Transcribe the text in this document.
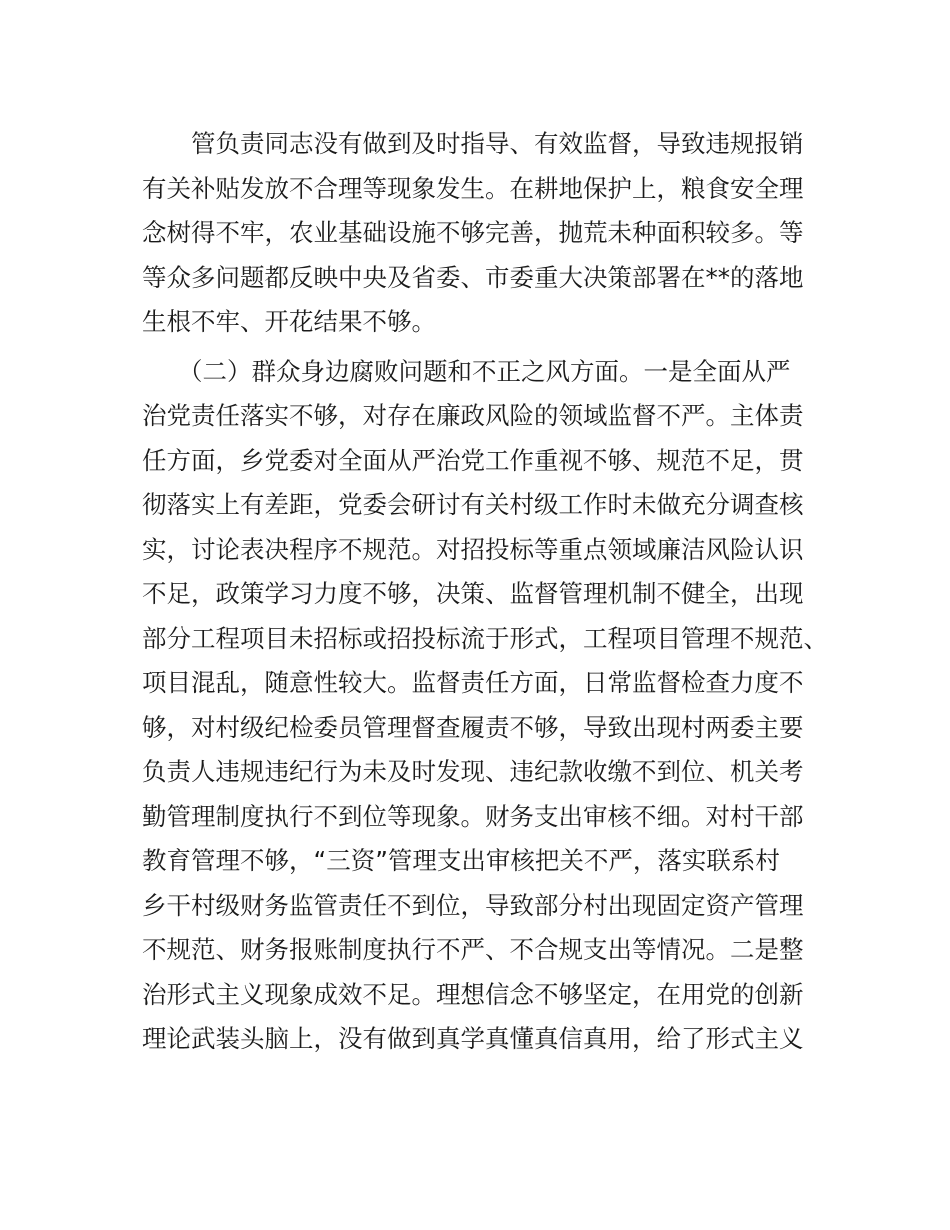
管负责同志没有做到及时指导、有效监督，导致违规报销
有关补贴发放不合理等现象发生。在耕地保护上，粮食安全理
念树得不牢，农业基础设施不够完善，抛荒未种面积较多。等
等众多问题都反映中央及省委、市委重大决策部署在**的落地
生根不牢、开花结果不够。
（二）群众身边腐败问题和不正之风方面。一是全面从严
治党责任落实不够，对存在廉政风险的领域监督不严。主体责
任方面，乡党委对全面从严治党工作重视不够、规范不足，贯
彻落实上有差距，党委会研讨有关村级工作时未做充分调查核
实，讨论表决程序不规范。对招投标等重点领域廉洁风险认识
不足，政策学习力度不够，决策、监督管理机制不健全，出现
部分工程项目未招标或招投标流于形式，工程项目管理不规范、
项目混乱，随意性较大。监督责任方面，日常监督检查力度不
够，对村级纪检委员管理督查履责不够，导致出现村两委主要
负责人违规违纪行为未及时发现、违纪款收缴不到位、机关考
勤管理制度执行不到位等现象。财务支出审核不细。对村干部
教育管理不够，“三资”管理支出审核把关不严，落实联系村
乡干村级财务监管责任不到位，导致部分村出现固定资产管理
不规范、财务报账制度执行不严、不合规支出等情况。二是整
治形式主义现象成效不足。理想信念不够坚定，在用党的创新
理论武装头脑上，没有做到真学真懂真信真用，给了形式主义
